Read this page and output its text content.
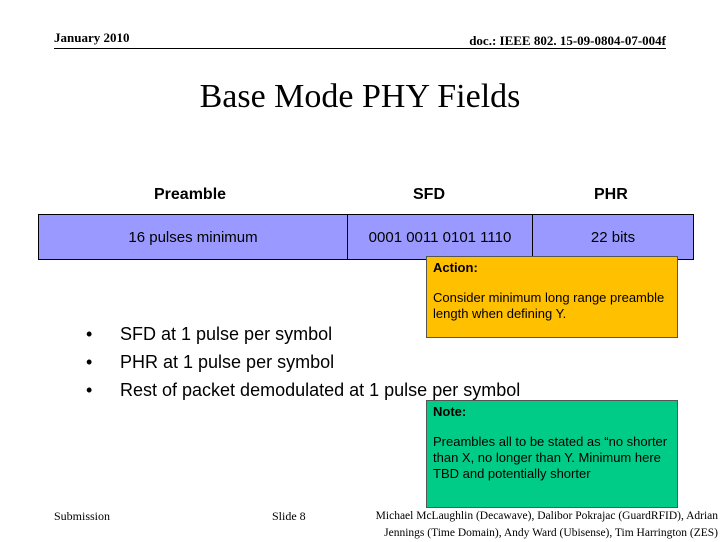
January 2010	doc.: IEEE 802. 15-09-0804-07-004f
Base Mode PHY Fields
Preamble	SFD	PHR
16 pulses minimum	0001 0011 0101 1110	22 bits
• SFD at 1 pulse per symbol
• PHR at 1 pulse per symbol
• Rest of packet demodulated at 1 pulse per symbol
Action:
Consider minimum long range preamble length when defining Y.
Note:
Preambles all to be stated as “no shorter than X, no longer than Y. Minimum here TBD and potentially shorter
Submission	Slide 8	Michael McLaughlin (Decawave), Dalibor Pokrajac (GuardRFID), Adrian
Jennings (Time Domain), Andy Ward (Ubisense), Tim Harrington (ZES)
